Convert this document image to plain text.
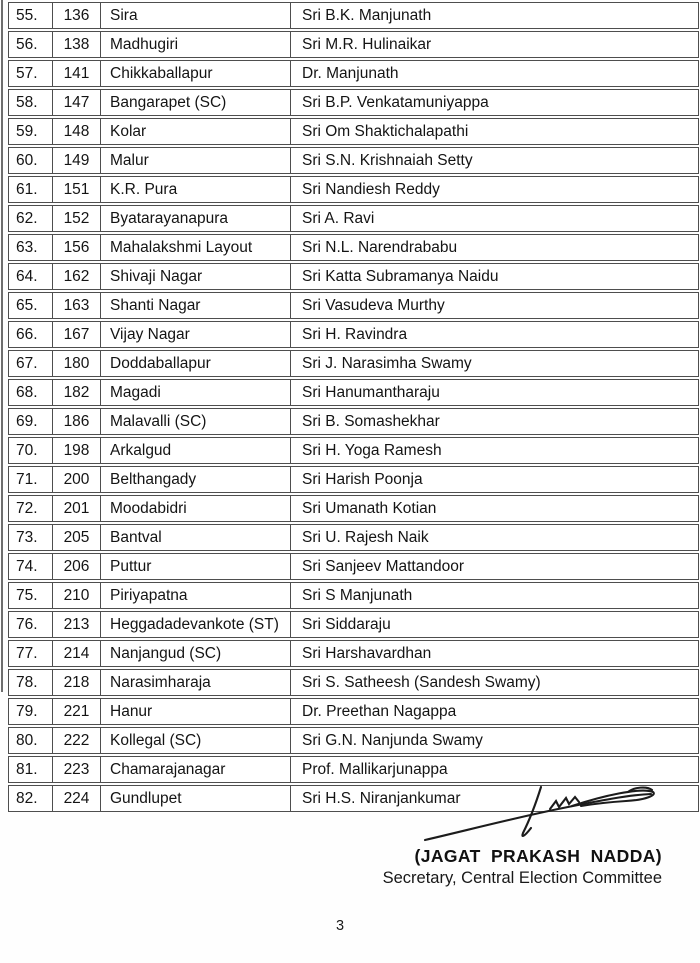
55.	136	Sira	Sri B.K. Manjunath
56.	138	Madhugiri	Sri M.R. Hulinaikar
57.	141	Chikkaballapur	Dr. Manjunath
58.	147	Bangarapet (SC)	Sri B.P. Venkatamuniyappa
59.	148	Kolar	Sri Om Shaktichalapathi
60.	149	Malur	Sri S.N. Krishnaiah Setty
61.	151	K.R. Pura	Sri Nandiesh Reddy
62.	152	Byatarayanapura	Sri A. Ravi
63.	156	Mahalakshmi Layout	Sri N.L. Narendrababu
64.	162	Shivaji Nagar	Sri Katta Subramanya Naidu
65.	163	Shanti Nagar	Sri Vasudeva Murthy
66.	167	Vijay Nagar	Sri H. Ravindra
67.	180	Doddaballapur	Sri J. Narasimha Swamy
68.	182	Magadi	Sri Hanumantharaju
69.	186	Malavalli (SC)	Sri B. Somashekhar
70.	198	Arkalgud	Sri H. Yoga Ramesh
71.	200	Belthangady	Sri Harish Poonja
72.	201	Moodabidri	Sri Umanath Kotian
73.	205	Bantval	Sri U. Rajesh Naik
74.	206	Puttur	Sri Sanjeev Mattandoor
75.	210	Piriyapatna	Sri S Manjunath
76.	213	Heggadadevankote (ST)	Sri Siddaraju
77.	214	Nanjangud (SC)	Sri Harshavardhan
78.	218	Narasimharaja	Sri S. Satheesh (Sandesh Swamy)
79.	221	Hanur	Dr. Preethan Nagappa
80.	222	Kollegal (SC)	Sri G.N. Nanjunda Swamy
81.	223	Chamarajanagar	Prof. Mallikarjunappa
82.	224	Gundlupet	Sri H.S. Niranjankumar
(JAGAT PRAKASH NADDA)
Secretary, Central Election Committee
3
